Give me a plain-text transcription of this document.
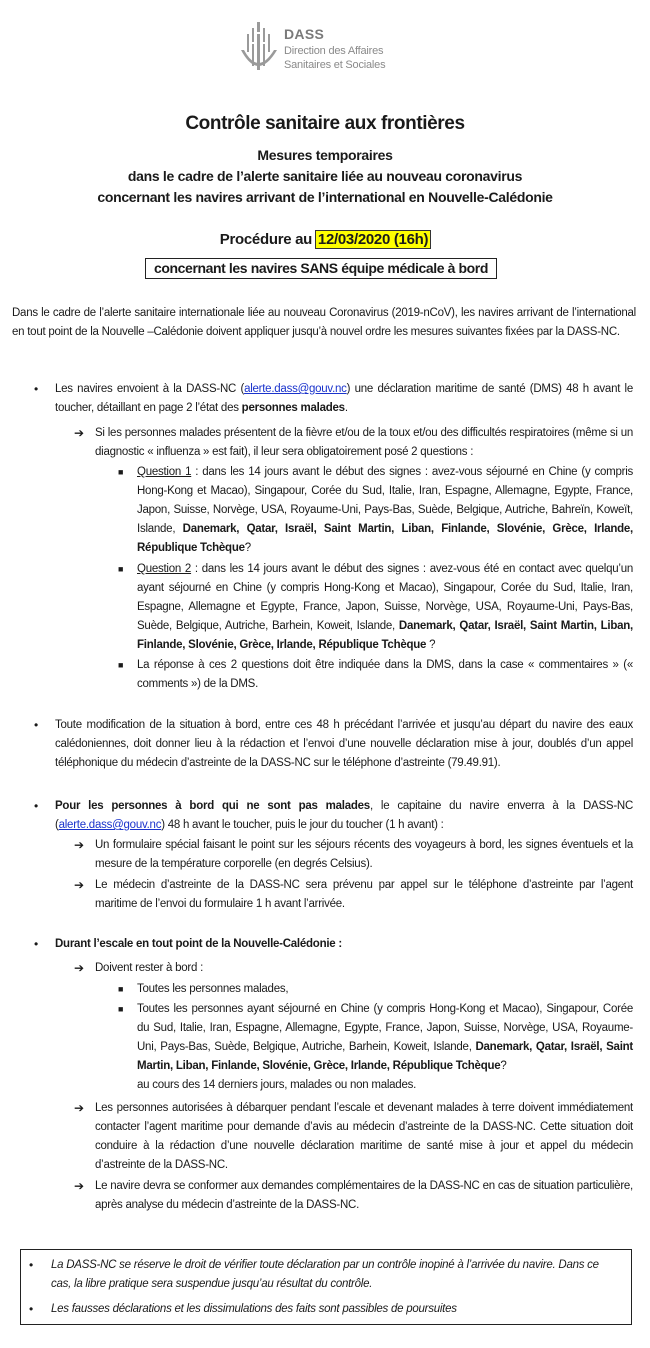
DASS
Direction des Affaires
Sanitaires et Sociales
Contrôle sanitaire aux frontières
Mesures temporaires
dans le cadre de l’alerte sanitaire liée au nouveau coronavirus
concernant les navires arrivant de l’international en Nouvelle-Calédonie
Procédure au 12/03/2020 (16h)
concernant les navires SANS équipe médicale à bord
Dans le cadre de l’alerte sanitaire internationale liée au nouveau Coronavirus (2019-nCoV), les navires arrivant de l’international en tout point de la Nouvelle –Calédonie doivent appliquer jusqu’à nouvel ordre les mesures suivantes fixées par la DASS-NC.
• Les navires envoient à la DASS-NC (alerte.dass@gouv.nc) une déclaration maritime de santé (DMS) 48 h avant le toucher, détaillant en page 2 l’état des personnes malades.
➔ Si les personnes malades présentent de la fièvre et/ou de la toux et/ou des difficultés respiratoires (même si un diagnostic « influenza » est fait), il leur sera obligatoirement posé 2 questions :
■ Question 1 : dans les 14 jours avant le début des signes : avez-vous séjourné en Chine (y compris Hong-Kong et Macao), Singapour, Corée du Sud, Italie, Iran, Espagne, Allemagne, Egypte, France, Japon, Suisse, Norvège, USA, Royaume-Uni, Pays-Bas, Suède, Belgique, Autriche, Bahreïn, Koweït, Islande, Danemark, Qatar, Israël, Saint Martin, Liban, Finlande, Slovénie, Grèce, Irlande, République Tchèque?
■ Question 2 : dans les 14 jours avant le début des signes : avez-vous été en contact avec quelqu’un ayant séjourné en Chine (y compris Hong-Kong et Macao), Singapour, Corée du Sud, Italie, Iran, Espagne, Allemagne et Egypte, France, Japon, Suisse, Norvège, USA, Royaume-Uni, Pays-Bas, Suède, Belgique, Autriche, Barhein, Koweit, Islande, Danemark, Qatar, Israël, Saint Martin, Liban, Finlande, Slovénie, Grèce, Irlande, République Tchèque ?
■ La réponse à ces 2 questions doit être indiquée dans la DMS, dans la case « commentaires » (« comments ») de la DMS.
• Toute modification de la situation à bord, entre ces 48 h précédant l’arrivée et jusqu’au départ du navire des eaux calédoniennes, doit donner lieu à la rédaction et l’envoi d’une nouvelle déclaration mise à jour, doublés d’un appel téléphonique du médecin d’astreinte de la DASS-NC sur le téléphone d’astreinte (79.49.91).
• Pour les personnes à bord qui ne sont pas malades, le capitaine du navire enverra à la DASS-NC (alerte.dass@gouv.nc) 48 h avant le toucher, puis le jour du toucher (1 h avant) :
➔ Un formulaire spécial faisant le point sur les séjours récents des voyageurs à bord, les signes éventuels et la mesure de la température corporelle (en degrés Celsius).
➔ Le médecin d’astreinte de la DASS-NC sera prévenu par appel sur le téléphone d’astreinte par l’agent maritime de l’envoi du formulaire 1 h avant l’arrivée.
• Durant l’escale en tout point de la Nouvelle-Calédonie :
➔ Doivent rester à bord :
■ Toutes les personnes malades,
■ Toutes les personnes ayant séjourné en Chine (y compris Hong-Kong et Macao), Singapour, Corée du Sud, Italie, Iran, Espagne, Allemagne, Egypte, France, Japon, Suisse, Norvège, USA, Royaume-Uni, Pays-Bas, Suède, Belgique, Autriche, Barhein, Koweit, Islande, Danemark, Qatar, Israël, Saint Martin, Liban, Finlande, Slovénie, Grèce, Irlande, République Tchèque?
au cours des 14 derniers jours, malades ou non malades.
➔ Les personnes autorisées à débarquer pendant l’escale et devenant malades à terre doivent immédiatement contacter l’agent maritime pour demande d’avis au médecin d’astreinte de la DASS-NC. Cette situation doit conduire à la rédaction d’une nouvelle déclaration maritime de santé mise à jour et appel du médecin d’astreinte de la DASS-NC.
➔ Le navire devra se conformer aux demandes complémentaires de la DASS-NC en cas de situation particulière, après analyse du médecin d’astreinte de la DASS-NC.
• La DASS-NC se réserve le droit de vérifier toute déclaration par un contrôle inopiné à l’arrivée du navire. Dans ce cas, la libre pratique sera suspendue jusqu’au résultat du contrôle.
• Les fausses déclarations et les dissimulations des faits sont passibles de poursuites
